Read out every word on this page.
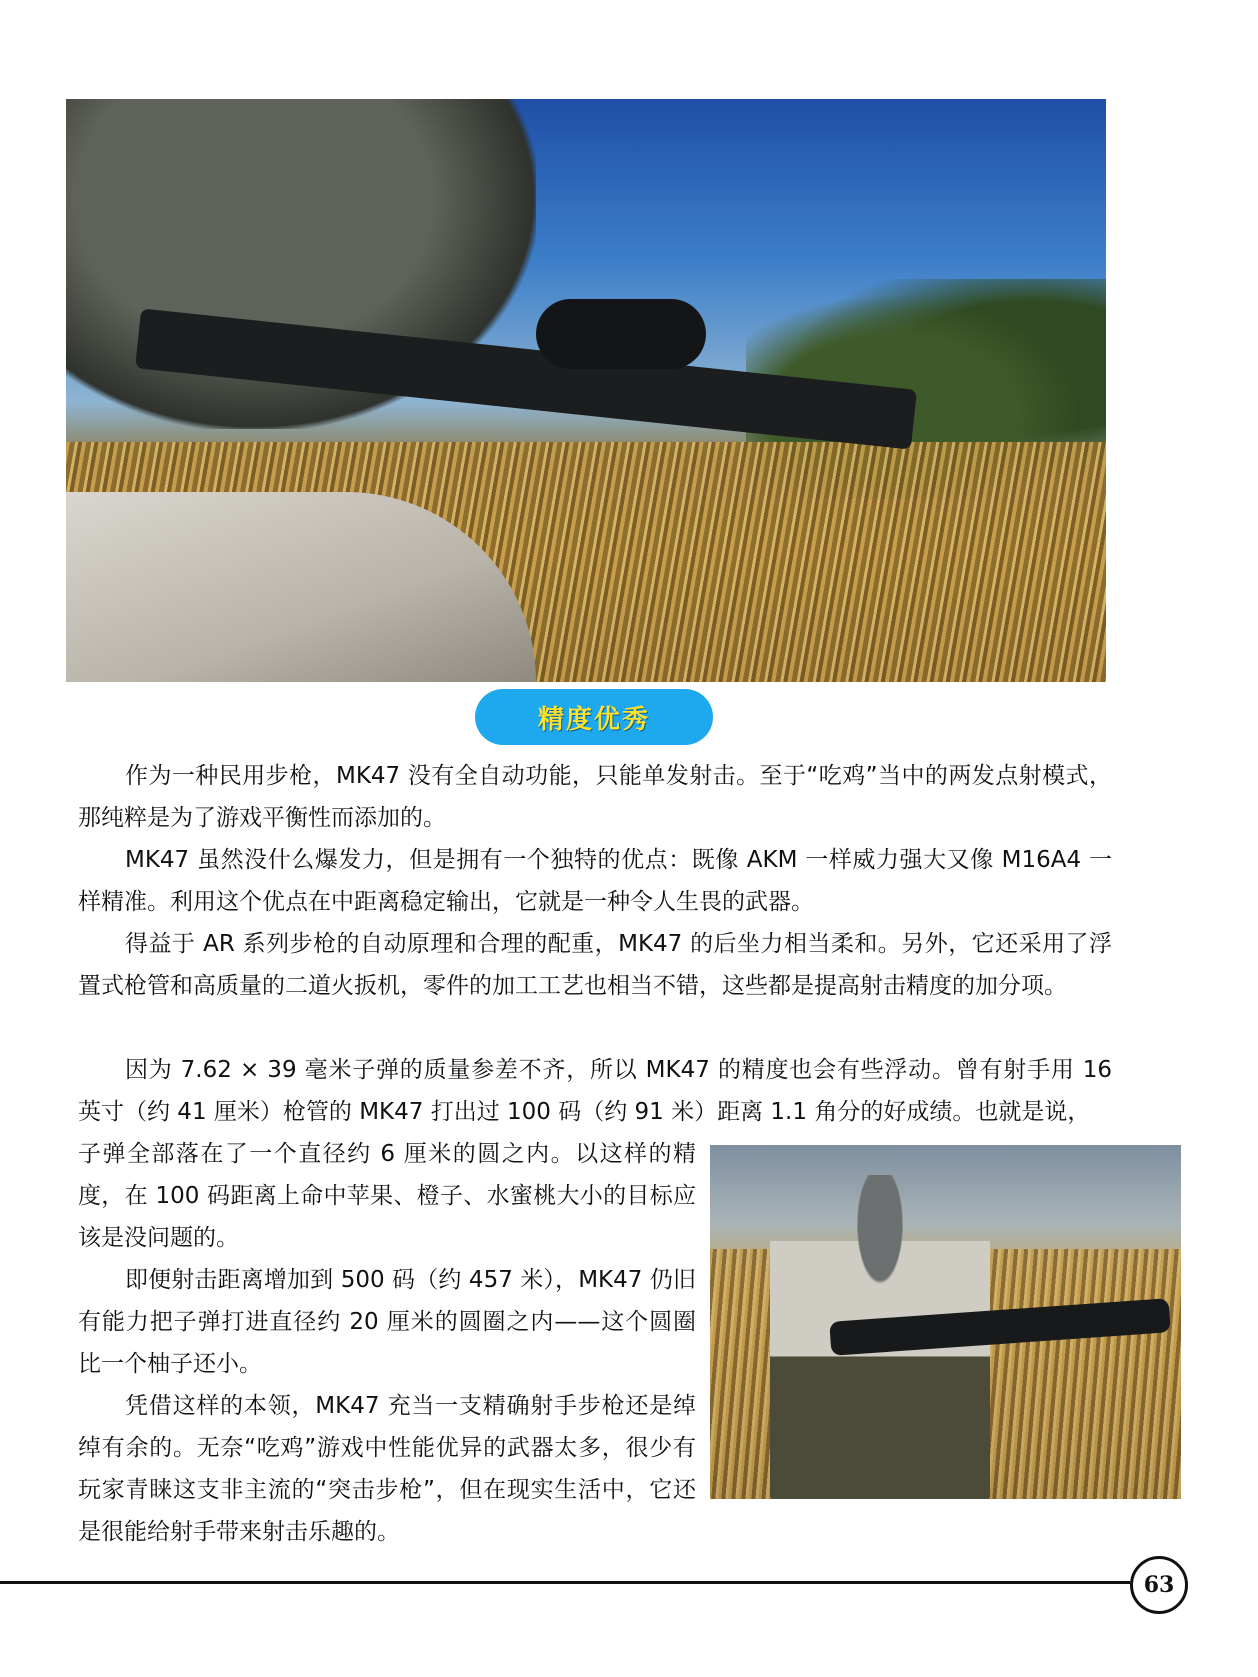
精度优秀

作为一种民用步枪，MK47 没有全自动功能，只能单发射击。至于“吃鸡”当中的两发点射模式，那纯粹是为了游戏平衡性而添加的。

MK47 虽然没什么爆发力，但是拥有一个独特的优点：既像 AKM 一样威力强大又像 M16A4 一样精准。利用这个优点在中距离稳定输出，它就是一种令人生畏的武器。

得益于 AR 系列步枪的自动原理和合理的配重，MK47 的后坐力相当柔和。另外，它还采用了浮置式枪管和高质量的二道火扳机，零件的加工工艺也相当不错，这些都是提高射击精度的加分项。

因为 7.62 × 39 毫米子弹的质量参差不齐，所以 MK47 的精度也会有些浮动。曾有射手用 16 英寸（约 41 厘米）枪管的 MK47 打出过 100 码（约 91 米）距离 1.1 角分的好成绩。也就是说，

子弹全部落在了一个直径约 6 厘米的圆之内。以这样的精度，在 100 码距离上命中苹果、橙子、水蜜桃大小的目标应该是没问题的。

即便射击距离增加到 500 码（约 457 米），MK47 仍旧有能力把子弹打进直径约 20 厘米的圆圈之内——这个圆圈比一个柚子还小。

凭借这样的本领，MK47 充当一支精确射手步枪还是绰绰有余的。无奈“吃鸡”游戏中性能优异的武器太多，很少有玩家青睐这支非主流的“突击步枪”，但在现实生活中，它还是很能给射手带来射击乐趣的。

63
